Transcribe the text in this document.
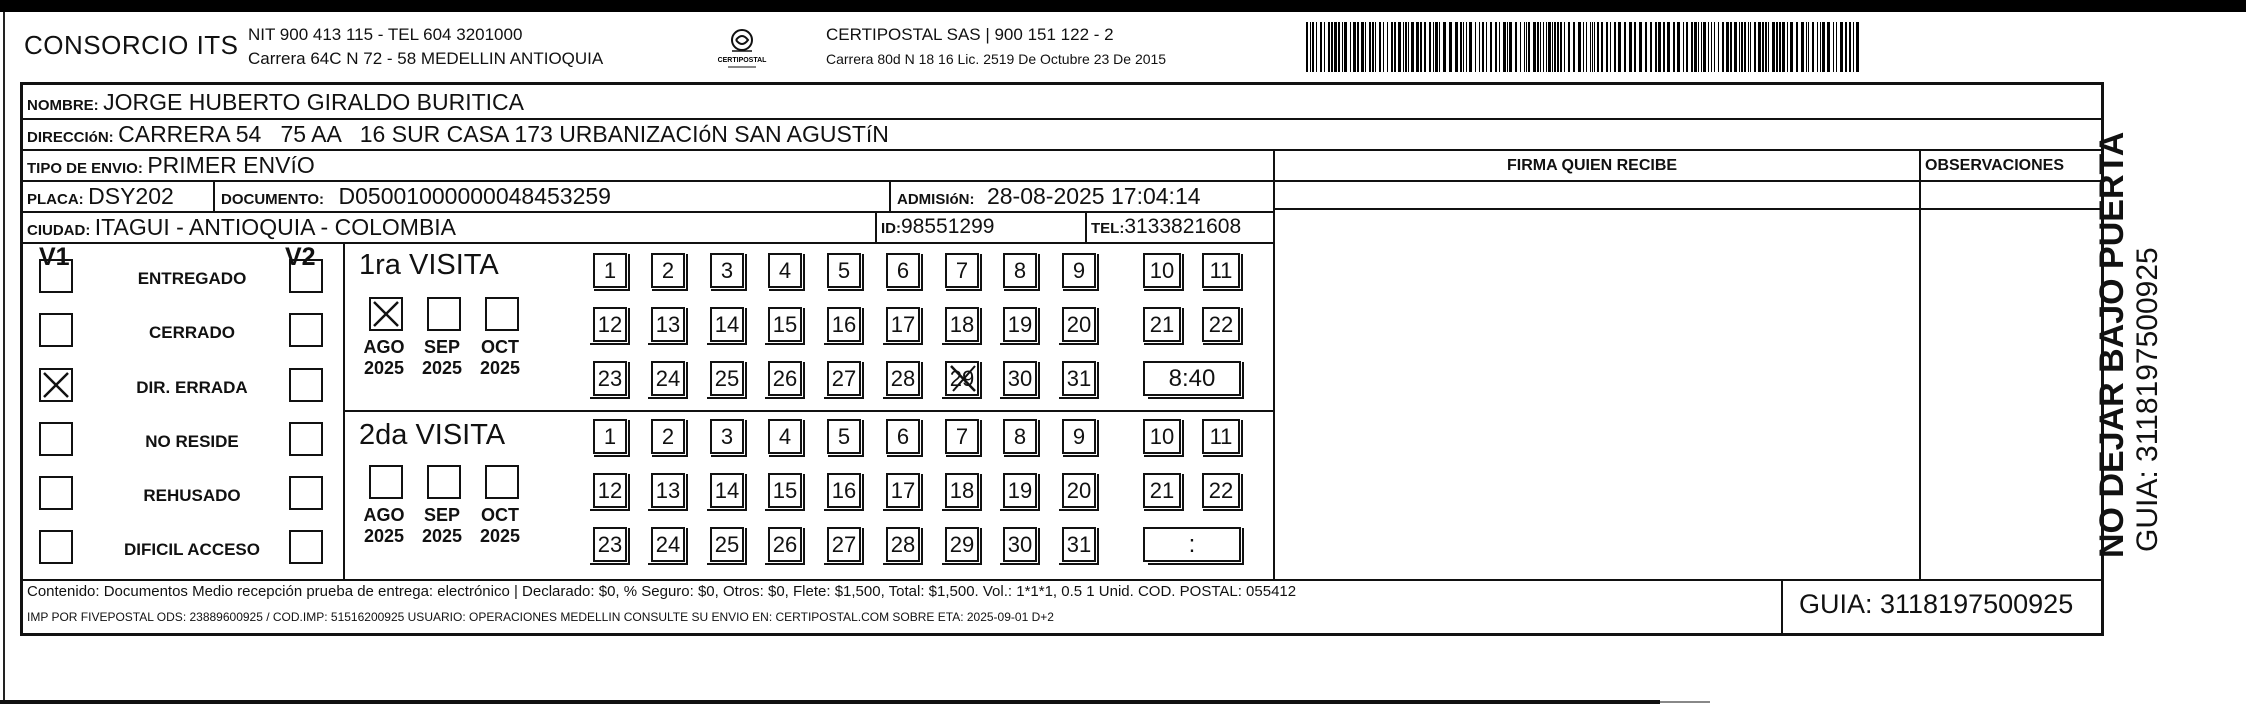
CONSORCIO ITS NIT 900 413 115 - TEL 604 3201000
Carrera 64C N 72 - 58 MEDELLIN ANTIOQUIA	CERTIPOSTAL
CERTIPOSTAL SAS | 900 151 122 - 2
Carrera 80d N 18 16 Lic. 2519 De Octubre 23 De 2015
NOMBRE: JORGE HUBERTO GIRALDO BURITICA
DIRECCIóN: CARRERA 54   75 AA   16 SUR CASA 173 URBANIZACIóN SAN AGUSTíN
TIPO DE ENVIO: PRIMER ENVíO	FIRMA QUIEN RECIBE	OBSERVACIONES
PLACA: DSY202	DOCUMENTO: D05001000000048453259	ADMISIóN: 28-08-2025 17:04:14
CIUDAD: ITAGUI - ANTIOQUIA - COLOMBIA	ID:98551299	TEL:3133821608
V1	V2
ENTREGADO
CERRADO
DIR. ERRADA
NO RESIDE
REHUSADO
DIFICIL ACCESO
1ra VISITA
2da VISITA
AGO
2025
SEP
2025
OCT
2025
AGO
2025
SEP
2025
OCT
2025
1	2	3	4	5	6	7	8	9	10	11
12 13 14 15 16 17 18 19 20	21	22
23 24 25 26 27 28 29 30 31	8:40
1	2	3	4	5	6	7	8	9	10	11
12 13 14 15 16 17 18 19 20	21	22
23 24 25 26 27 28 29 30 31	:
Contenido: Documentos Medio recepción prueba de entrega: electrónico | Declarado: $0, % Seguro: $0, Otros: $0, Flete: $1,500, Total: $1,500. Vol.: 1*1*1, 0.5 1 Unid. COD. POSTAL: 055412
IMP POR FIVEPOSTAL ODS: 23889600925 / COD.IMP: 51516200925 USUARIO: OPERACIONES MEDELLIN CONSULTE SU ENVIO EN: CERTIPOSTAL.COM SOBRE ETA: 2025-09-01 D+2	GUIA: 3118197500925
NO DEJAR BAJO PUERTA GUIA: 3118197500925
